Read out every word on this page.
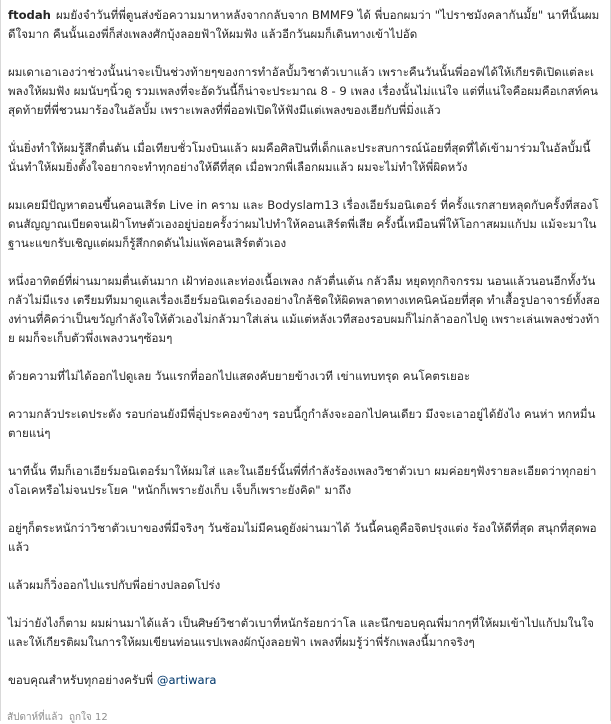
ftodah ผมยังจำวันที่พี่ตูนส่งข้อความมาหาหลังจากกลับจาก BMMF9 ได้ พี่บอกผมว่า "ไปราชมังคลากันมั้ย" นาทีนั้นผมดีใจมาก คืนนั้นเองพี่ก็ส่งเพลงศักบุ้งลอยฟ้าให้ผมฟัง แล้วอีกวันผมก็เดินทางเข้าไปอัด

ผมเดาเอาเองว่าช่วงนั้นน่าจะเป็นช่วงท้ายๆของการทำอัลบั้มวิชาตัวเบาแล้ว เพราะคืนวันนั้นพี่ออฟได้ให้เกียรติเปิดแต่ละเพลงให้ผมฟัง ผมนับๆนิ้วดู รวมเพลงที่จะอัดวันนี้ก็น่าจะประมาณ 8 - 9 เพลง เรื่องนั้นไม่แน่ใจ แต่ที่แน่ใจคือผมคือเกสท์คนสุดท้ายที่พี่ชวนมาร้องในอัลบั้ม เพราะเพลงที่พี่ออฟเปิดให้ฟังมีแต่เพลงของเฮียกับพี่มิ่งแล้ว

นั่นยิ่งทำให้ผมรู้สึกตื่นตัน เมื่อเทียบชั่วโมงบินแล้ว ผมคือศิลปินที่เด็กและประสบการณ์น้อยที่สุดที่ได้เข้ามาร่วมในอัลบั้มนี้ นั่นทำให้ผมยิ่งตั้งใจอยากจะทำทุกอย่างให้ดีที่สุด เมื่อพวกพี่เลือกผมแล้ว ผมจะไม่ทำให้พี่ผิดหวัง

ผมเคยมีปัญหาตอนขึ้นคอนเสิร์ต Live in คราม และ Bodyslam13 เรื่องเอียร์มอนิเตอร์ ที่ครั้งแรกสายหลุดกับครั้งที่สองโดนสัญญาณเบียดจนเฝ้าโทษตัวเองอยู่บ่อยครั้งว่าผมไปทำให้คอนเสิร์ตพี่เสีย ครั้งนี้เหมือนพี่ให้โอกาสผมแก้ปม แม้จะมาในฐานะแขกรับเชิญแต่ผมก็รู้สึกกดดันไม่แพ้คอนเสิร์ตตัวเอง

หนึ่งอาทิตย์ที่ผ่านมาผมตื่นเต้นมาก เฝ้าท่องและท่องเนื้อเพลง กลัวตื่นเต้น กลัวลืม หยุดทุกกิจกรรม นอนแล้วนอนอีกทั้งวัน กลัวไม่มีแรง เตรียมทีมมาดูแลเรื่องเอียร์มอนิเตอร์เองอย่างใกล้ชิดให้ผิดพลาดทางเทคนิคน้อยที่สุด ทำเสื้อรูปอาจารย์ทั้งสองท่านที่คิดว่าเป็นขวัญกำลังใจให้ตัวเองไม่กลัวมาใส่เล่น แม้แต่หลังเวทีสองรอบผมก็ไม่กล้าออกไปดู เพราะเล่นเพลงช่วงท้าย ผมก็จะเก็บตัวพึ่งเพลงวนๆซ้อมๆ

ด้วยความที่ไม่ได้ออกไปดูเลย วันแรกที่ออกไปแสดงคับยายข้างเวที เข่าแทบทรุด คนโคตรเยอะ

ความกลัวประเดประดัง รอบก่อนยังมีพี่อุ่ประคองข้างๆ รอบนี้กูกำลังจะออกไปคนเดียว มึงจะเอาอยู่ได้ยังไง คนห่า หกหมื่น ตายแน่ๆ

นาทีนั้น ทีมก็เอาเอียร์มอนิเตอร์มาให้ผมใส่ และในเอียร์นั้นพี่ที่กำลังร้องเพลงวิชาตัวเบา ผมค่อยๆฟังรายละเอียดว่าทุกอย่างโอเคหรือไม่จนประโยค "หนักก็เพราะยังเก็บ เจ็บก็เพราะยังคิด" มาถึง

อยู่ๆก็ตระหนักว่าวิชาตัวเบาของพี่มีจริงๆ วันซ้อมไม่มีคนดูยังผ่านมาได้ วันนี้คนดูคือจิตปรุงแต่ง ร้องให้ดีที่สุด สนุกที่สุดพอแล้ว

แล้วผมก็วิ่งออกไปแรปกับพี่อย่างปลอดโปร่ง

ไม่ว่ายังไงก็ตาม ผมผ่านมาได้แล้ว เป็นศิษย์วิชาตัวเบาที่หนักร้อยกว่าโล และนึกขอบคุณพี่มากๆที่ให้ผมเข้าไปแก้ปมในใจและให้เกียรติผมในการให้ผมเขียนท่อนแรปเพลงผักบุ้งลอยฟ้า เพลงที่ผมรู้ว่าพี่รักเพลงนี้มากจริงๆ

ขอบคุณสำหรับทุกอย่างครับพี่ @artiwara

สัปดาห์ที่แล้ว ถูกใจ 12
